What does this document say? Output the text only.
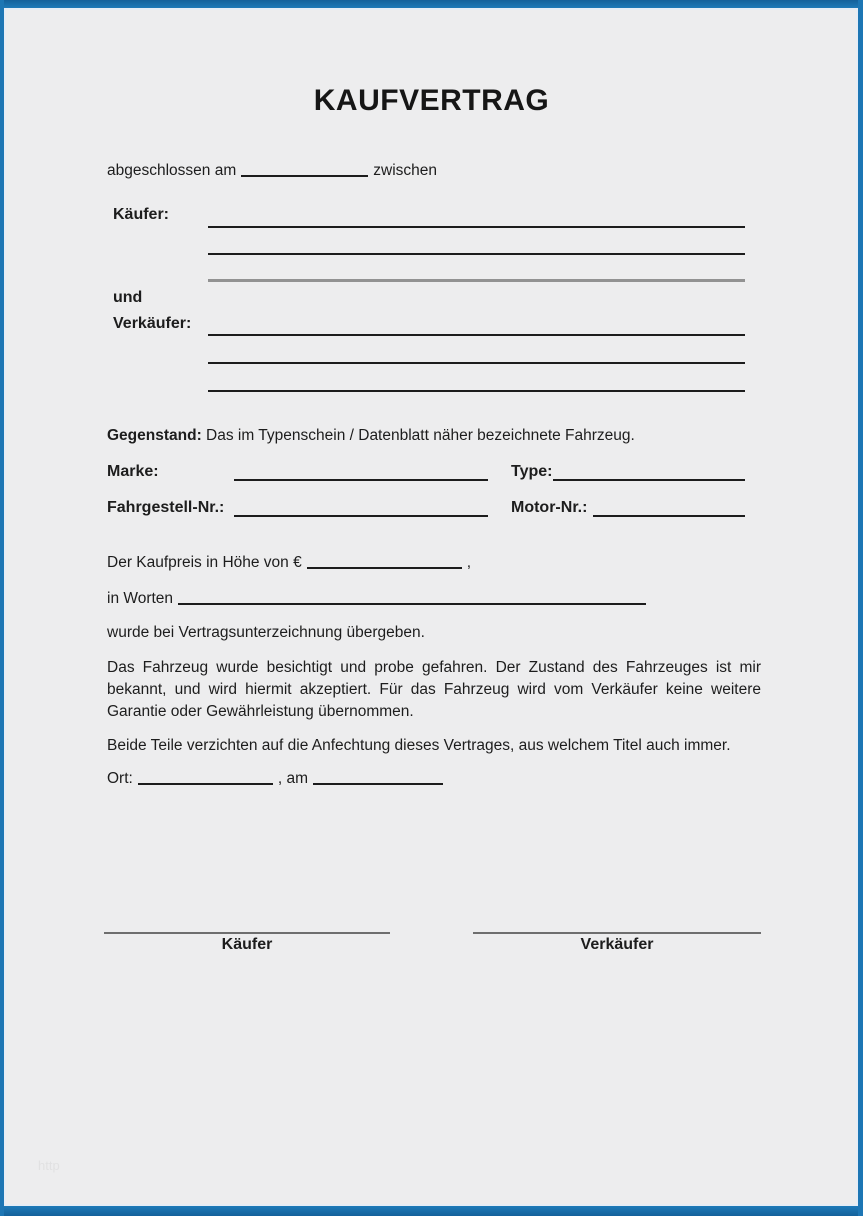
KAUFVERTRAG
abgeschlossen am	zwischen
Käufer:
und
Verkäufer:
Gegenstand: Das im Typenschein / Datenblatt näher bezeichnete Fahrzeug.
Marke:	Type:
Fahrgestell-Nr.:	Motor-Nr.:
Der Kaufpreis in Höhe von €	,
in Worten
wurde bei Vertragsunterzeichnung übergeben.
Das Fahrzeug wurde besichtigt und probe gefahren. Der Zustand des Fahrzeuges ist mir bekannt, und wird hiermit akzeptiert. Für das Fahrzeug wird vom Verkäufer keine weitere Garantie oder Gewährleistung übernommen.
Beide Teile verzichten auf die Anfechtung dieses Vertrages, aus welchem Titel auch immer.
Ort:	, am
Käufer	Verkäufer
http
